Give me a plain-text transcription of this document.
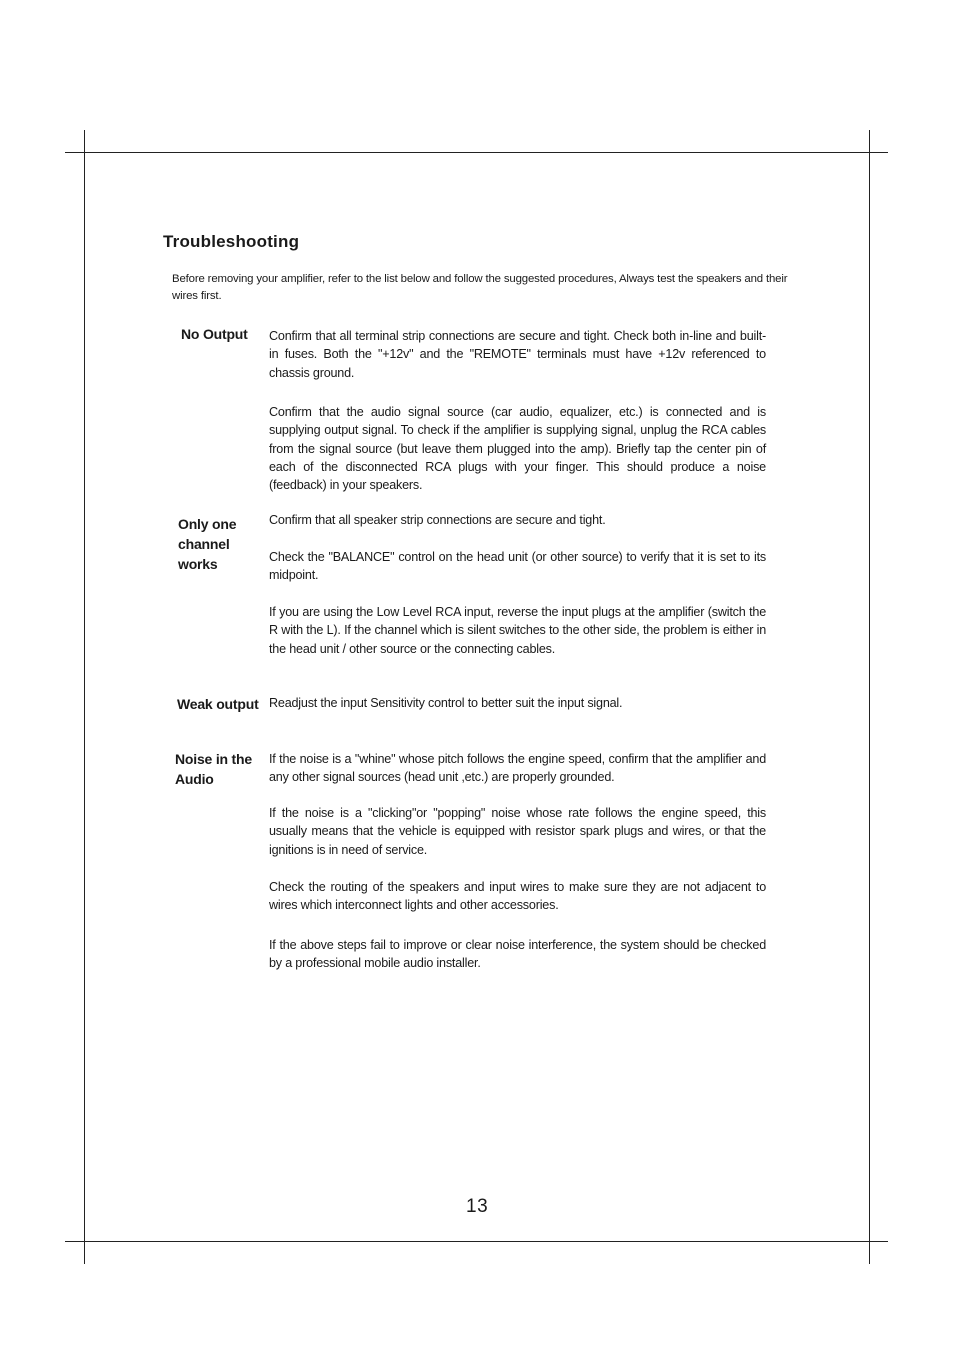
Troubleshooting
Before removing your amplifier, refer to the list below and follow the suggested procedures, Always test the speakers and their wires first.
No Output Confirm that all terminal strip connections are secure and tight. Check both in-line and built-in fuses. Both the "+12v" and the "REMOTE" terminals must have +12v referenced to chassis ground.
Confirm that the audio signal source (car audio, equalizer, etc.) is connected and is supplying output signal. To check if the amplifier is supplying signal, unplug the RCA cables from the signal source (but leave them plugged into the amp). Briefly tap the center pin of each of the disconnected RCA plugs with your finger. This should produce a noise (feedback) in your speakers.
Only one channel works
Confirm that all speaker strip connections are secure and tight.
Check the "BALANCE" control on the head unit (or other source) to verify that it is set to its midpoint.
If you are using the Low Level RCA input, reverse the input plugs at the amplifier (switch the R with the L). If the channel which is silent switches to the other side, the problem is either in the head unit / other source or the connecting cables.
Weak output Readjust the input Sensitivity control to better suit the input signal.
Noise in the Audio
If the noise is a "whine" whose pitch follows the engine speed, confirm that the amplifier and any other signal sources (head unit ,etc.) are properly grounded.
If the noise is a "clicking"or "popping" noise whose rate follows the engine speed, this usually means that the vehicle is equipped with resistor spark plugs and wires, or that the ignitions is in need of service.
Check the routing of the speakers and input wires to make sure they are not adjacent to wires which interconnect lights and other accessories.
If the above steps fail to improve or clear noise interference, the system should be checked by a professional mobile audio installer.
13
